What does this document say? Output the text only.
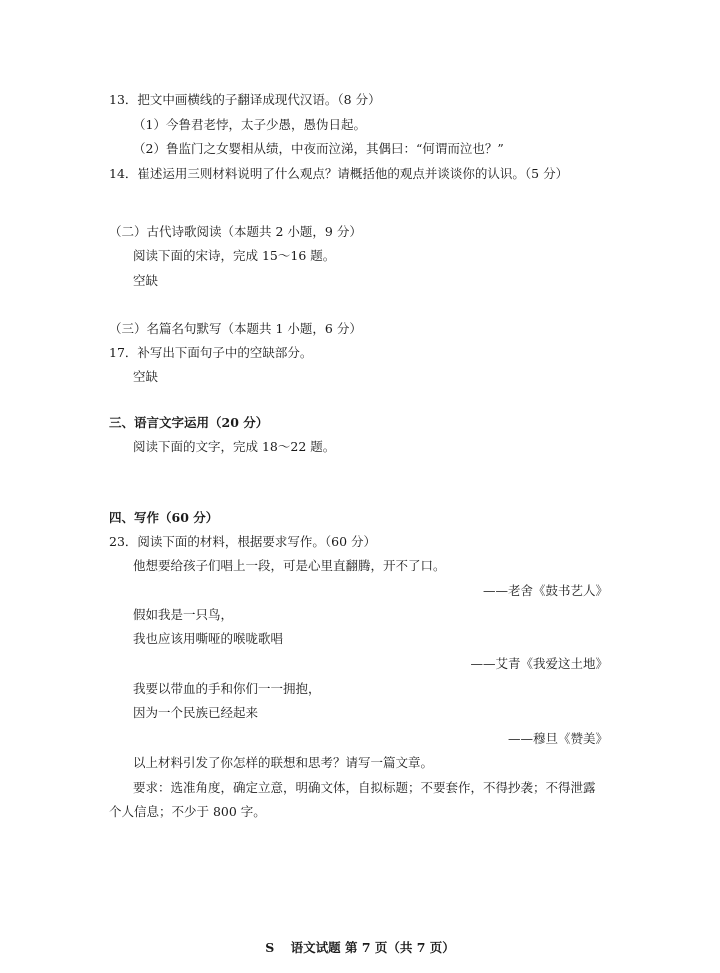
13．把文中画横线的子翻译成现代汉语。（8 分）
（1）今鲁君老悖，太子少愚，愚伪日起。
（2）鲁监门之女婴相从绩，中夜而泣涕，其偶曰：“何谓而泣也？”
14．崔述运用三则材料说明了什么观点？请概括他的观点并谈谈你的认识。（5 分）
（二）古代诗歌阅读（本题共 2 小题，9 分）
阅读下面的宋诗，完成 15～16 题。
空缺
（三）名篇名句默写（本题共 1 小题，6 分）
17．补写出下面句子中的空缺部分。
空缺
三、语言文字运用（20 分）
阅读下面的文字，完成 18～22 题。
四、写作（60 分）
23．阅读下面的材料，根据要求写作。（60 分）
他想要给孩子们唱上一段，可是心里直翻腾，开不了口。
——老舍《鼓书艺人》
假如我是一只鸟，
我也应该用嘶哑的喉咙歌唱
——艾青《我爱这土地》
我要以带血的手和你们一一拥抱，
因为一个民族已经起来
——穆旦《赞美》
以上材料引发了你怎样的联想和思考？请写一篇文章。
要求：选准角度，确定立意，明确文体，自拟标题；不要套作，不得抄袭；不得泄露
个人信息；不少于 800 字。
S 语文试题 第 7 页（共 7 页）
